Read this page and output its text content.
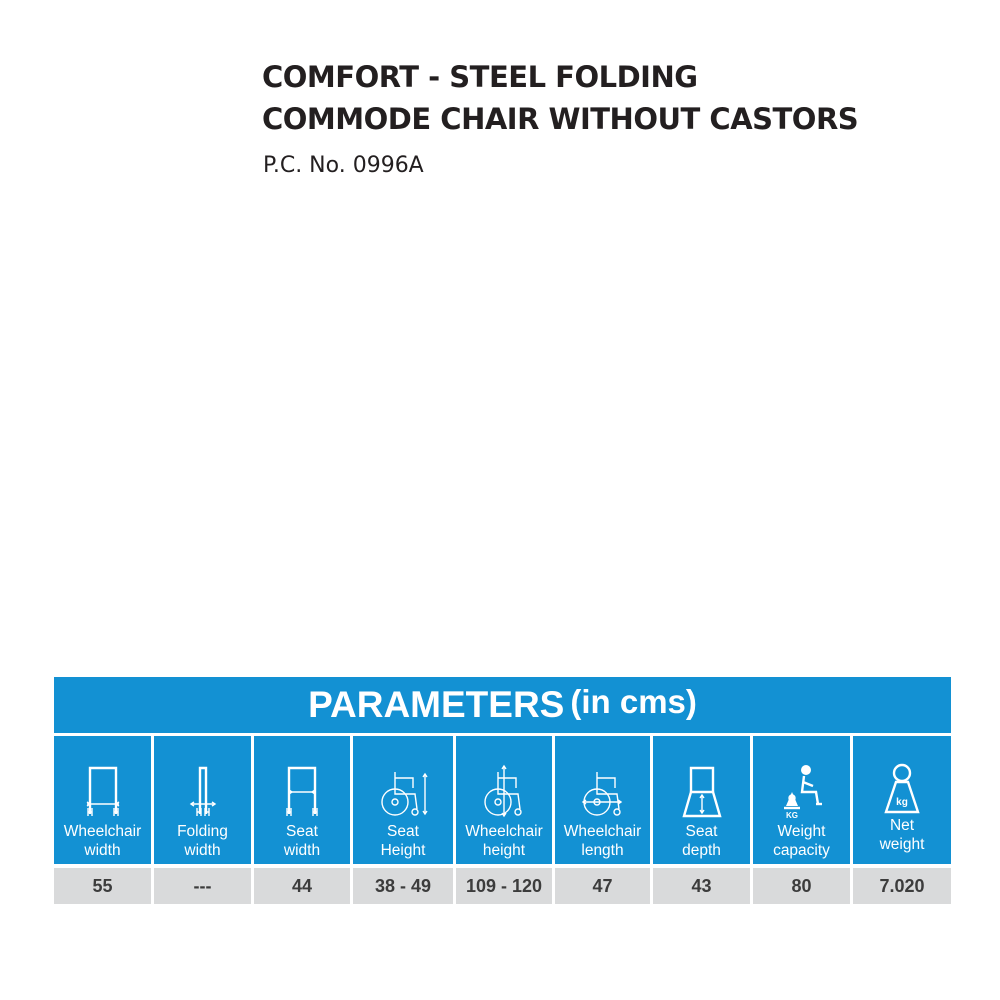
COMFORT - STEEL FOLDING
COMMODE CHAIR WITHOUT CASTORS
P.C. No. 0996A
PARAMETERS (in cms)
Wheelchair
width
55
Folding
width
---
Seat
width
44
Seat
Height
38 - 49
Wheelchair
height
109 - 120
Wheelchair
length
47
Seat
depth
43
KG
Weight
capacity
80
kg
Net
weight
7.020
